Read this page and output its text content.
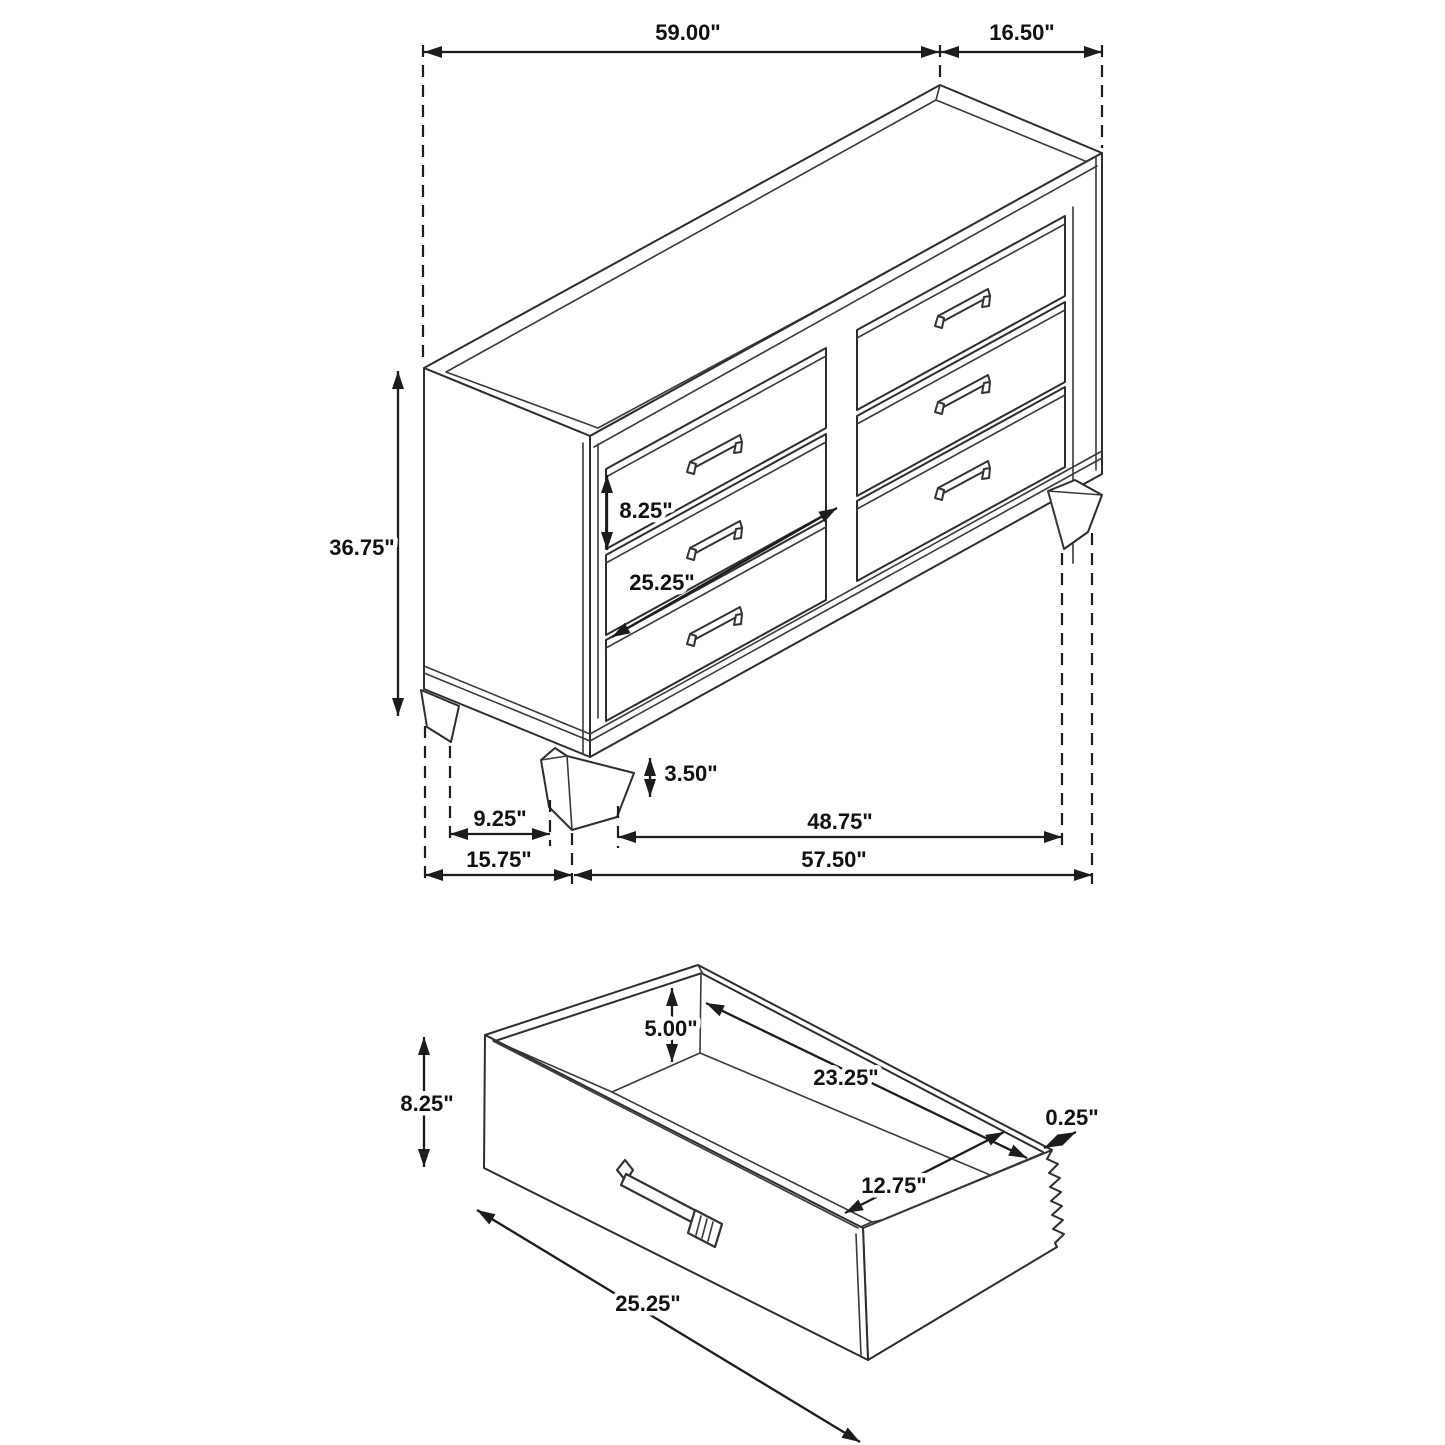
59.00"	16.50"
36.75"
8.25"
25.25"
3.50"
9.25"	48.75"
15.75"	57.50"
8.25"
5.00"
23.25"
0.25"
12.75"
25.25"
